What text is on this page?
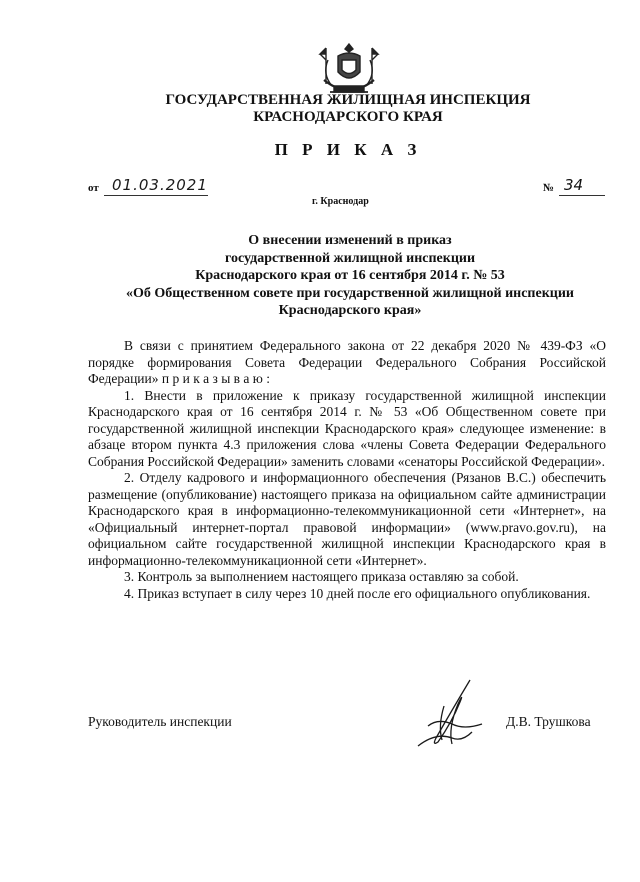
ГОСУДАРСТВЕННАЯ ЖИЛИЩНАЯ ИНСПЕКЦИЯ
КРАСНОДАРСКОГО КРАЯ
П Р И К А З
от 01.03.2021	№ 34
г. Краснодар
О внесении изменений в приказ
государственной жилищной инспекции
Краснодарского края от 16 сентября 2014 г. № 53
«Об Общественном совете при государственной жилищной инспекции
Краснодарского края»

В связи с принятием Федерального закона от 22 декабря 2020 № 439-ФЗ «О порядке формирования Совета Федерации Федерального Собрания Российской Федерации» п р и к а з ы в а ю :

1. Внести в приложение к приказу государственной жилищной инспекции Краснодарского края от 16 сентября 2014 г. № 53 «Об Общественном совете при государственной жилищной инспекции Краснодарского края» следующее изменение: в абзаце втором пункта 4.3 приложения слова «члены Совета Федерации Федерального Собрания Российской Федерации» заменить словами «сенаторы Российской Федерации».

2. Отделу кадрового и информационного обеспечения (Рязанов В.С.) обеспечить размещение (опубликование) настоящего приказа на официальном сайте администрации Краснодарского края в информационно-телекоммуникационной сети «Интернет», на «Официальный интернет-портал правовой информации» (www.pravo.gov.ru), на официальном сайте государственной жилищной инспекции Краснодарского края в информационно-телекоммуникационной сети «Интернет».

3. Контроль за выполнением настоящего приказа оставляю за собой.

4. Приказ вступает в силу через 10 дней после его официального опубликования.

Руководитель инспекции	Д.В. Трушкова
